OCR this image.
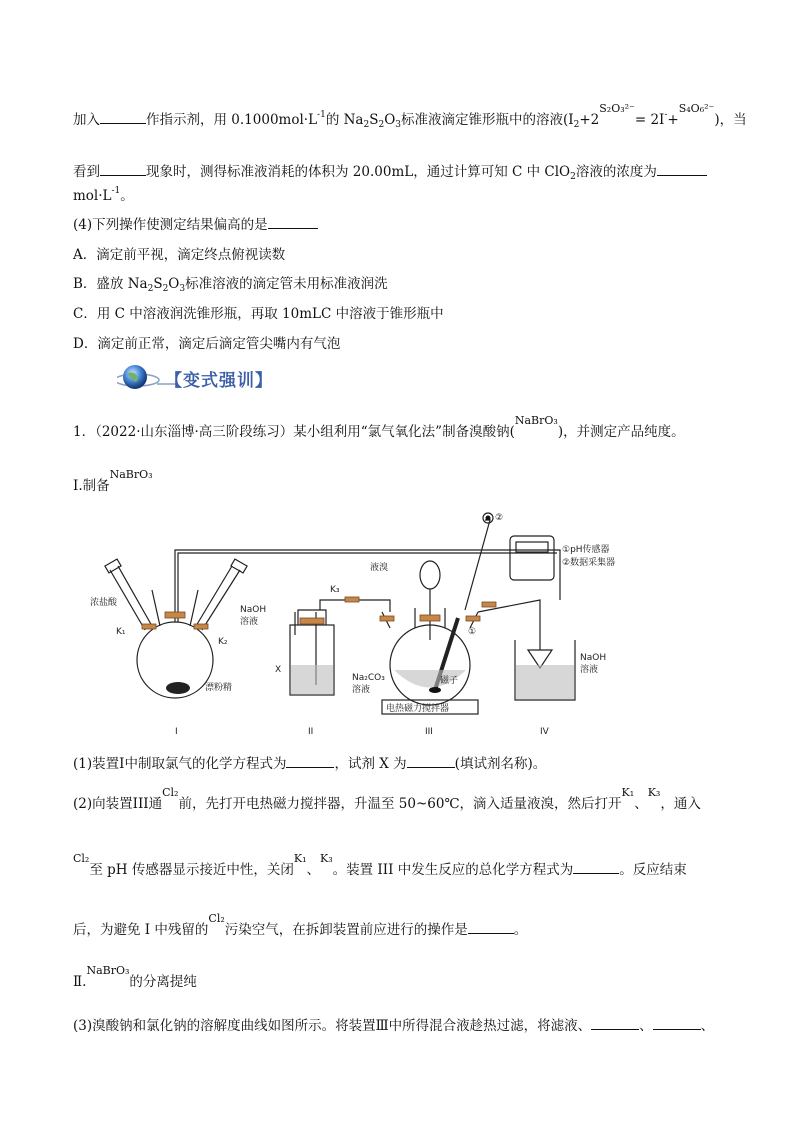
加入	作指示剂，用 $0.1000mol\cdot L^{-1}$的 $Na_2S_2O_3$标准液滴定锥形瓶中的溶液$(I_2+2^{S_2O_3^{2-}}= 2I^-+^{S_4O_6^{2-}})$，当
看到	现象时，测得标准液消耗的体积为 20.00mL，通过计算可知 C 中 ClO$_2$溶液的浓度为
$mol\cdot L^{-1}$。
(4)下列操作使测定结果偏高的是
A．滴定前平视，滴定终点俯视读数
B．盛放 $Na_2S_2O_3$标准溶液的滴定管未用标准液润洗
C．用 C 中溶液润洗锥形瓶，再取 10mLC 中溶液于锥形瓶中
D．滴定前正常，滴定后滴定管尖嘴内有气泡
【变式强训】
1．（2022·山东淄博·高三阶段练习）某小组利用“氯气氧化法”制备溴酸钠($^{NaBrO_3}$)，并测定产品纯度。
Ⅰ.制备$^{NaBrO_3}$
浓盐酸
K₁
NaOH
溶液
K₂
漂粉精
K₃
X
Na₂CO₃
溶液
液溴
磁子
电热磁力搅拌器
①
②
①pH传感器
②数据采集器
NaOH
溶液
I	II	III	IV
(1)装置Ⅰ中制取氯气的化学方程式为	，试剂 X 为	(填试剂名称)。
(2)向装置III通$^{Cl_2}$前，先打开电热磁力搅拌器，升温至 50~60℃，滴入适量液溴，然后打开$^{K_1}$、$^{K_3}$，通入
$^{Cl_2}$至 pH 传感器显示接近中性，关闭$^{K_1}$、$^{K_3}$。装置 III 中发生反应的总化学方程式为	。反应结束
后，为避免 I 中残留的$^{Cl_2}$污染空气，在拆卸装置前应进行的操作是	。
Ⅱ.$^{NaBrO_3}$的分离提纯
(3)溴酸钠和氯化钠的溶解度曲线如图所示。将装置Ⅲ中所得混合液趁热过滤，将滤液、	、	、
